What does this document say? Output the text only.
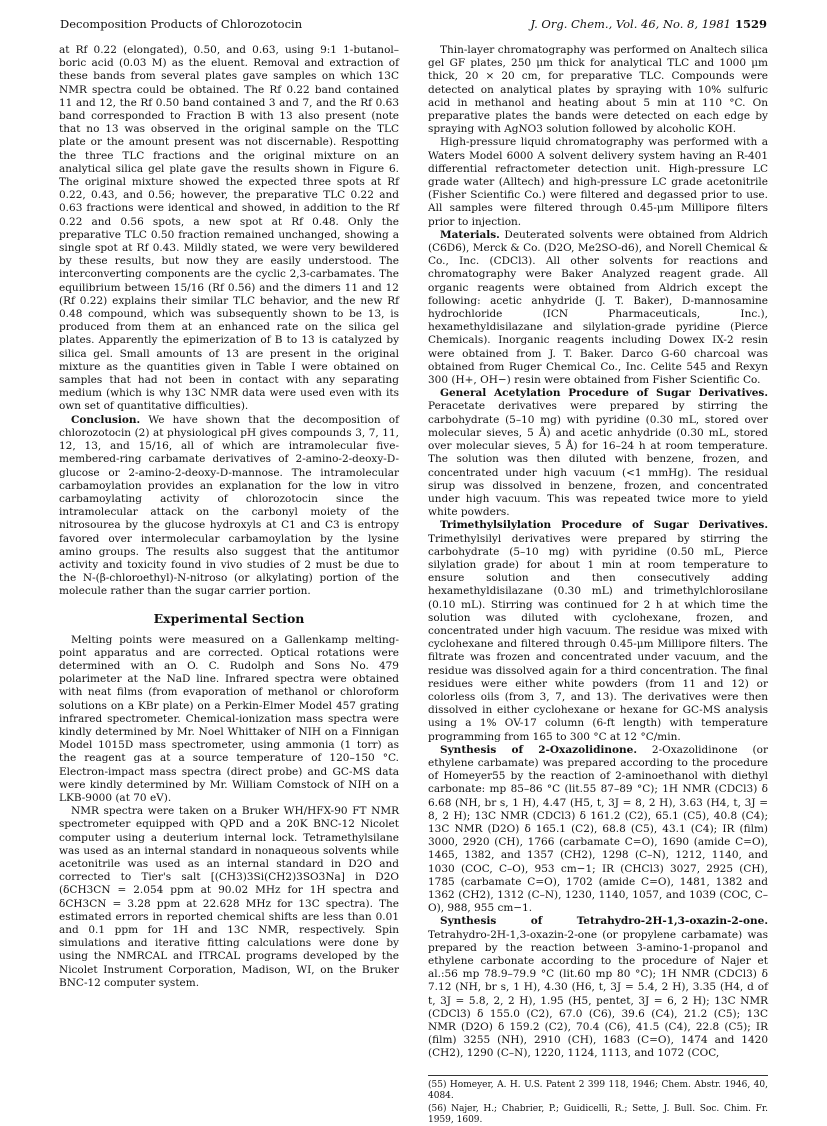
Decomposition Products of Chlorozotocin	J. Org. Chem., Vol. 46, No. 8, 1981 1529

at Rf 0.22 (elongated), 0.50, and 0.63, using 9:1 1-butanol–boric acid (0.03 M) as the eluent. Removal and extraction of these bands from several plates gave samples on which 13C NMR spectra could be obtained. The Rf 0.22 band contained 11 and 12, the Rf 0.50 band contained 3 and 7, and the Rf 0.63 band corresponded to Fraction B with 13 also present (note that no 13 was observed in the original sample on the TLC plate or the amount present was not discernable). Respotting the three TLC fractions and the original mixture on an analytical silica gel plate gave the results shown in Figure 6. The original mixture showed the expected three spots at Rf 0.22, 0.43, and 0.56; however, the preparative TLC 0.22 and 0.63 fractions were identical and showed, in addition to the Rf 0.22 and 0.56 spots, a new spot at Rf 0.48. Only the preparative TLC 0.50 fraction remained unchanged, showing a single spot at Rf 0.43. Mildly stated, we were very bewildered by these results, but now they are easily understood. The interconverting components are the cyclic 2,3-carbamates. The equilibrium between 15/16 (Rf 0.56) and the dimers 11 and 12 (Rf 0.22) explains their similar TLC behavior, and the new Rf 0.48 compound, which was subsequently shown to be 13, is produced from them at an enhanced rate on the silica gel plates. Apparently the epimerization of B to 13 is catalyzed by silica gel. Small amounts of 13 are present in the original mixture as the quantities given in Table I were obtained on samples that had not been in contact with any separating medium (which is why 13C NMR data were used even with its own set of quantitative difficulties).

Conclusion. We have shown that the decomposition of chlorozotocin (2) at physiological pH gives compounds 3, 7, 11, 12, 13, and 15/16, all of which are intramolecular five-membered-ring carbamate derivatives of 2-amino-2-deoxy-D-glucose or 2-amino-2-deoxy-D-mannose. The intramolecular carbamoylation provides an explanation for the low in vitro carbamoylating activity of chlorozotocin since the intramolecular attack on the carbonyl moiety of the nitrosourea by the glucose hydroxyls at C1 and C3 is entropy favored over intermolecular carbamoylation by the lysine amino groups. The results also suggest that the antitumor activity and toxicity found in vivo studies of 2 must be due to the N-(β-chloroethyl)-N-nitroso (or alkylating) portion of the molecule rather than the sugar carrier portion.

Experimental Section

Melting points were measured on a Gallenkamp melting-point apparatus and are corrected. Optical rotations were determined with an O. C. Rudolph and Sons No. 479 polarimeter at the NaD line. Infrared spectra were obtained with neat films (from evaporation of methanol or chloroform solutions on a KBr plate) on a Perkin-Elmer Model 457 grating infrared spectrometer. Chemical-ionization mass spectra were kindly determined by Mr. Noel Whittaker of NIH on a Finnigan Model 1015D mass spectrometer, using ammonia (1 torr) as the reagent gas at a source temperature of 120–150 °C. Electron-impact mass spectra (direct probe) and GC-MS data were kindly determined by Mr. William Comstock of NIH on a LKB-9000 (at 70 eV).

NMR spectra were taken on a Bruker WH/HFX-90 FT NMR spectrometer equipped with QPD and a 20K BNC-12 Nicolet computer using a deuterium internal lock. Tetramethylsilane was used as an internal standard in nonaqueous solvents while acetonitrile was used as an internal standard in D2O and corrected to Tier's salt [(CH3)3Si(CH2)3SO3Na] in D2O (δCH3CN = 2.054 ppm at 90.02 MHz for 1H spectra and δCH3CN = 3.28 ppm at 22.628 MHz for 13C spectra). The estimated errors in reported chemical shifts are less than 0.01 and 0.1 ppm for 1H and 13C NMR, respectively. Spin simulations and iterative fitting calculations were done by using the NMRCAL and ITRCAL programs developed by the Nicolet Instrument Corporation, Madison, WI, on the Bruker BNC-12 computer system.

Thin-layer chromatography was performed on Analtech silica gel GF plates, 250 μm thick for analytical TLC and 1000 μm thick, 20 × 20 cm, for preparative TLC. Compounds were detected on analytical plates by spraying with 10% sulfuric acid in methanol and heating about 5 min at 110 °C. On preparative plates the bands were detected on each edge by spraying with AgNO3 solution followed by alcoholic KOH.

High-pressure liquid chromatography was performed with a Waters Model 6000 A solvent delivery system having an R-401 differential refractometer detection unit. High-pressure LC grade water (Alltech) and high-pressure LC grade acetonitrile (Fisher Scientific Co.) were filtered and degassed prior to use. All samples were filtered through 0.45-μm Millipore filters prior to injection.

Materials. Deuterated solvents were obtained from Aldrich (C6D6), Merck & Co. (D2O, Me2SO-d6), and Norell Chemical & Co., Inc. (CDCl3). All other solvents for reactions and chromatography were Baker Analyzed reagent grade. All organic reagents were obtained from Aldrich except the following: acetic anhydride (J. T. Baker), D-mannosamine hydrochloride (ICN Pharmaceuticals, Inc.), hexamethyldisilazane and silylation-grade pyridine (Pierce Chemicals). Inorganic reagents including Dowex IX-2 resin were obtained from J. T. Baker. Darco G-60 charcoal was obtained from Ruger Chemical Co., Inc. Celite 545 and Rexyn 300 (H+, OH−) resin were obtained from Fisher Scientific Co.

General Acetylation Procedure of Sugar Derivatives. Peracetate derivatives were prepared by stirring the carbohydrate (5–10 mg) with pyridine (0.30 mL, stored over molecular sieves, 5 Å) and acetic anhydride (0.30 mL, stored over molecular sieves, 5 Å) for 16–24 h at room temperature. The solution was then diluted with benzene, frozen, and concentrated under high vacuum (<1 mmHg). The residual sirup was dissolved in benzene, frozen, and concentrated under high vacuum. This was repeated twice more to yield white powders.

Trimethylsilylation Procedure of Sugar Derivatives. Trimethylsilyl derivatives were prepared by stirring the carbohydrate (5–10 mg) with pyridine (0.50 mL, Pierce silylation grade) for about 1 min at room temperature to ensure solution and then consecutively adding hexamethyldisilazane (0.30 mL) and trimethylchlorosilane (0.10 mL). Stirring was continued for 2 h at which time the solution was diluted with cyclohexane, frozen, and concentrated under high vacuum. The residue was mixed with cyclohexane and filtered through 0.45-μm Millipore filters. The filtrate was frozen and concentrated under vacuum, and the residue was dissolved again for a third concentration. The final residues were either white powders (from 11 and 12) or colorless oils (from 3, 7, and 13). The derivatives were then dissolved in either cyclohexane or hexane for GC-MS analysis using a 1% OV-17 column (6-ft length) with temperature programming from 165 to 300 °C at 12 °C/min.

Synthesis of 2-Oxazolidinone. 2-Oxazolidinone (or ethylene carbamate) was prepared according to the procedure of Homeyer55 by the reaction of 2-aminoethanol with diethyl carbonate: mp 85–86 °C (lit.55 87–89 °C); 1H NMR (CDCl3) δ 6.68 (NH, br s, 1 H), 4.47 (H5, t, 3J = 8, 2 H), 3.63 (H4, t, 3J = 8, 2 H); 13C NMR (CDCl3) δ 161.2 (C2), 65.1 (C5), 40.8 (C4); 13C NMR (D2O) δ 165.1 (C2), 68.8 (C5), 43.1 (C4); IR (film) 3000, 2920 (CH), 1766 (carbamate C=O), 1690 (amide C=O), 1465, 1382, and 1357 (CH2), 1298 (C–N), 1212, 1140, and 1030 (COC, C–O), 953 cm−1; IR (CHCl3) 3027, 2925 (CH), 1785 (carbamate C=O), 1702 (amide C=O), 1481, 1382 and 1362 (CH2), 1312 (C–N), 1230, 1140, 1057, and 1039 (COC, C–O), 988, 955 cm−1.

Synthesis of Tetrahydro-2H-1,3-oxazin-2-one. Tetrahydro-2H-1,3-oxazin-2-one (or propylene carbamate) was prepared by the reaction between 3-amino-1-propanol and ethylene carbonate according to the procedure of Najer et al.:56 mp 78.9–79.9 °C (lit.60 mp 80 °C); 1H NMR (CDCl3) δ 7.12 (NH, br s, 1 H), 4.30 (H6, t, 3J = 5.4, 2 H), 3.35 (H4, d of t, 3J = 5.8, 2, 2 H), 1.95 (H5, pentet, 3J = 6, 2 H); 13C NMR (CDCl3) δ 155.0 (C2), 67.0 (C6), 39.6 (C4), 21.2 (C5); 13C NMR (D2O) δ 159.2 (C2), 70.4 (C6), 41.5 (C4), 22.8 (C5); IR (film) 3255 (NH), 2910 (CH), 1683 (C=O), 1474 and 1420 (CH2), 1290 (C–N), 1220, 1124, 1113, and 1072 (COC,

(55) Homeyer, A. H. U.S. Patent 2 399 118, 1946; Chem. Abstr. 1946, 40, 4084.

(56) Najer, H.; Chabrier, P.; Guidicelli, R.; Sette, J. Bull. Soc. Chim. Fr. 1959, 1609.
